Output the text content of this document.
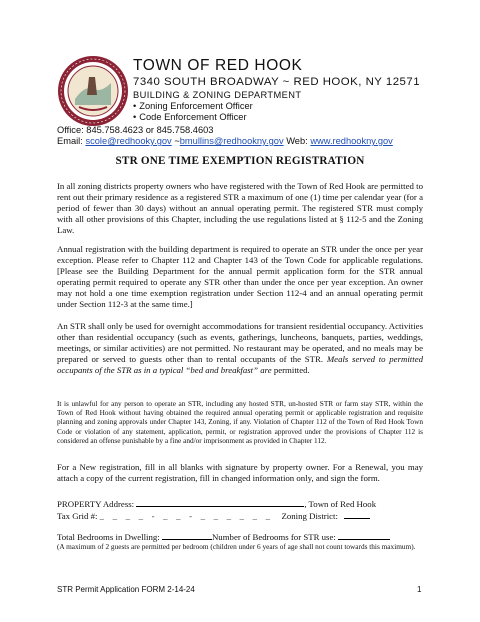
TOWN OF RED HOOK
7340 SOUTH BROADWAY ~ RED HOOK, NY 12571
BUILDING & ZONING DEPARTMENT
• Zoning Enforcement Officer
• Code Enforcement Officer
Office: 845.758.4623 or 845.758.4603
Email: scole@redhooky.gov ~bmullins@redhookny.gov Web: www.redhookny.gov
STR ONE TIME EXEMPTION REGISTRATION

In all zoning districts property owners who have registered with the Town of Red Hook are permitted to rent out their primary residence as a registered STR a maximum of one (1) time per calendar year (for a period of fewer than 30 days) without an annual operating permit. The registered STR must comply with all other provisions of this Chapter, including the use regulations listed at § 112-5 and the Zoning Law.

Annual registration with the building department is required to operate an STR under the once per year exception. Please refer to Chapter 112 and Chapter 143 of the Town Code for applicable regulations. [Please see the Building Department for the annual permit application form for the STR annual operating permit required to operate any STR other than under the once per year exception. An owner may not hold a one time exemption registration under Section 112-4 and an annual operating permit under Section 112-3 at the same time.]

An STR shall only be used for overnight accommodations for transient residential occupancy. Activities other than residential occupancy (such as events, gatherings, luncheons, banquets, parties, weddings, meetings, or similar activities) are not permitted. No restaurant may be operated, and no meals may be prepared or served to guests other than to rental occupants of the STR. Meals served to permitted occupants of the STR as in a typical “bed and breakfast” are permitted.

It is unlawful for any person to operate an STR, including any hosted STR, un-hosted STR or farm stay STR, within the Town of Red Hook without having obtained the required annual operating permit or applicable registration and requisite planning and zoning approvals under Chapter 143, Zoning, if any. Violation of Chapter 112 of the Town of Red Hook Town Code or violation of any statement, application, permit, or registration approved under the provisions of Chapter 112 is considered an offense punishable by a fine and/or imprisonment as provided in Chapter 112.

For a New registration, fill in all blanks with signature by property owner. For a Renewal, you may attach a copy of the current registration, fill in changed information only, and sign the form.

PROPERTY Address:	, Town of Red Hook
Tax Grid #: _ _ _ _ - _ _ - _ _ _ _ _ _ Zoning District:
Total Bedrooms in Dwelling:	Number of Bedrooms for STR use:
(A maximum of 2 guests are permitted per bedroom (children under 6 years of age shall not count towards this maximum).
STR Permit Application FORM 2-14-24	1
